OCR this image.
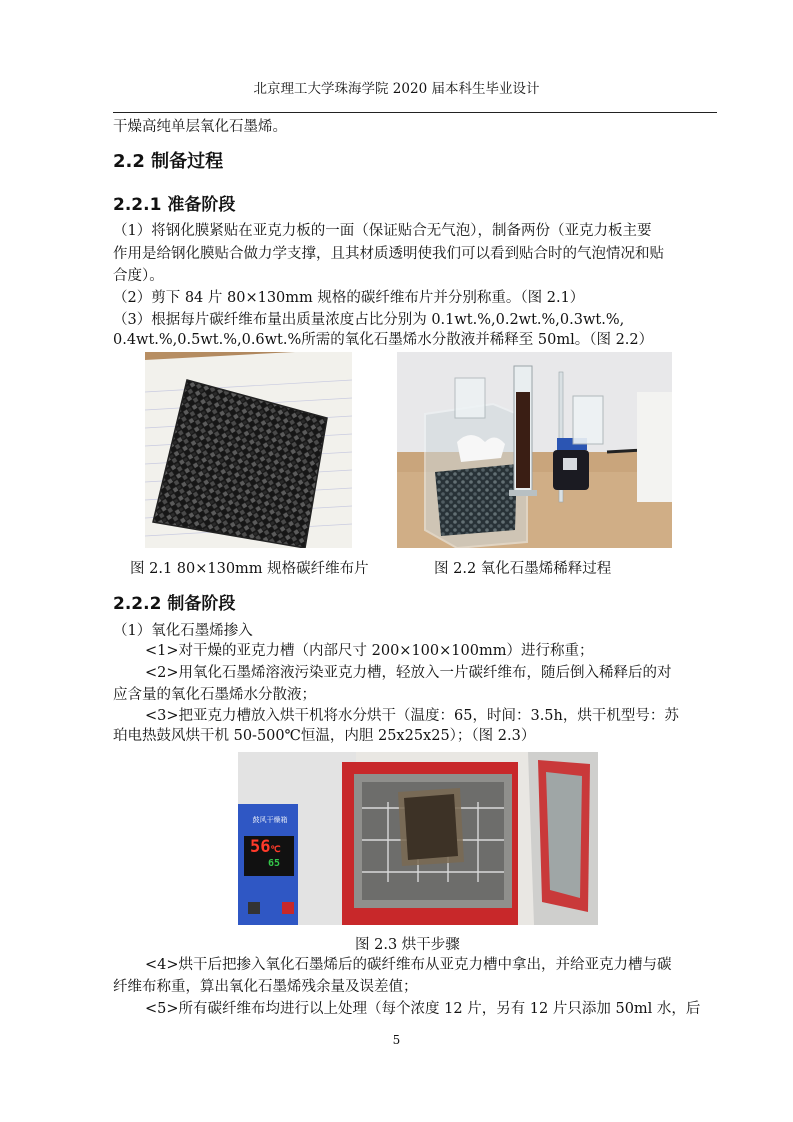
北京理工大学珠海学院 2020 届本科生毕业设计
干燥高纯单层氧化石墨烯。
2.2 制备过程
2.2.1 准备阶段
（1）将钢化膜紧贴在亚克力板的一面（保证贴合无气泡），制备两份（亚克力板主要
作用是给钢化膜贴合做力学支撑，且其材质透明使我们可以看到贴合时的气泡情况和贴
合度）。
（2）剪下 84 片 80×130mm 规格的碳纤维布片并分别称重。（图 2.1）
（3）根据每片碳纤维布量出质量浓度占比分别为 0.1wt.%,0.2wt.%,0.3wt.%,
0.4wt.%,0.5wt.%,0.6wt.%所需的氧化石墨烯水分散液并稀释至 50ml。（图 2.2）
图 2.1 80×130mm 规格碳纤维布片	图 2.2 氧化石墨烯稀释过程
2.2.2 制备阶段
（1）氧化石墨烯掺入
<1>对干燥的亚克力槽（内部尺寸 200×100×100mm）进行称重；
<2>用氧化石墨烯溶液污染亚克力槽，轻放入一片碳纤维布，随后倒入稀释后的对
应含量的氧化石墨烯水分散液；
<3>把亚克力槽放入烘干机将水分烘干（温度：65，时间：3.5h，烘干机型号：苏
珀电热鼓风烘干机 50-500℃恒温，内胆 25x25x25）；（图 2.3）
鼓风干燥箱
56℃
65
图 2.3 烘干步骤
<4>烘干后把掺入氧化石墨烯后的碳纤维布从亚克力槽中拿出，并给亚克力槽与碳
纤维布称重，算出氧化石墨烯残余量及误差值；
<5>所有碳纤维布均进行以上处理（每个浓度 12 片，另有 12 片只添加 50ml 水，后
5
